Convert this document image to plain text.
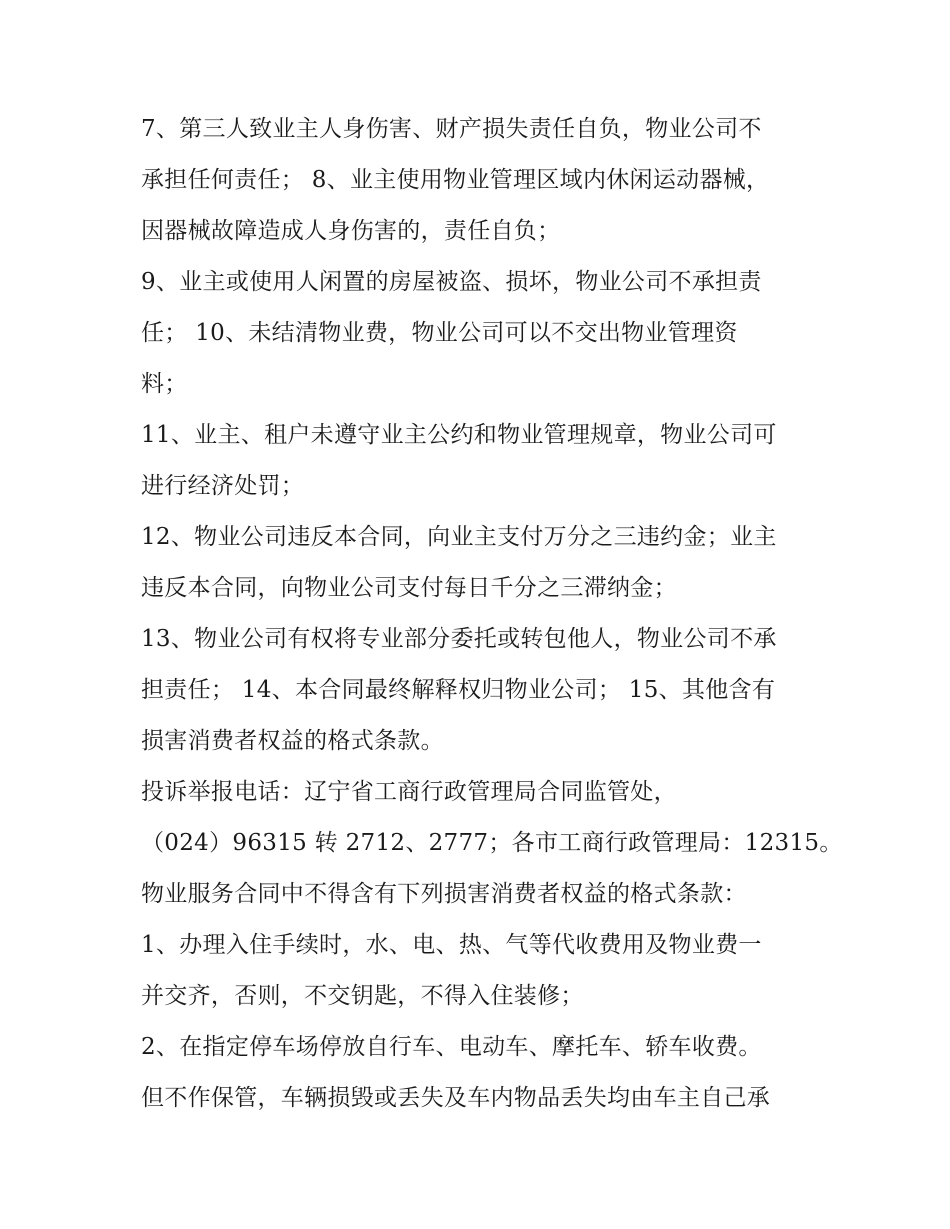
7、第三人致业主人身伤害、财产损失责任自负，物业公司不
承担任何责任； 8、业主使用物业管理区域内休闲运动器械，
因器械故障造成人身伤害的，责任自负；
9、业主或使用人闲置的房屋被盗、损坏，物业公司不承担责
任； 10、未结清物业费，物业公司可以不交出物业管理资
料；
11、业主、租户未遵守业主公约和物业管理规章，物业公司可
进行经济处罚；
12、物业公司违反本合同，向业主支付万分之三违约金；业主
违反本合同，向物业公司支付每日千分之三滞纳金；
13、物业公司有权将专业部分委托或转包他人，物业公司不承
担责任； 14、本合同最终解释权归物业公司； 15、其他含有
损害消费者权益的格式条款。
投诉举报电话：辽宁省工商行政管理局合同监管处，
（024）96315 转 2712、2777；各市工商行政管理局：12315。
物业服务合同中不得含有下列损害消费者权益的格式条款：
1、办理入住手续时，水、电、热、气等代收费用及物业费一
并交齐，否则，不交钥匙，不得入住装修；
2、在指定停车场停放自行车、电动车、摩托车、轿车收费。
但不作保管，车辆损毁或丢失及车内物品丢失均由车主自己承
